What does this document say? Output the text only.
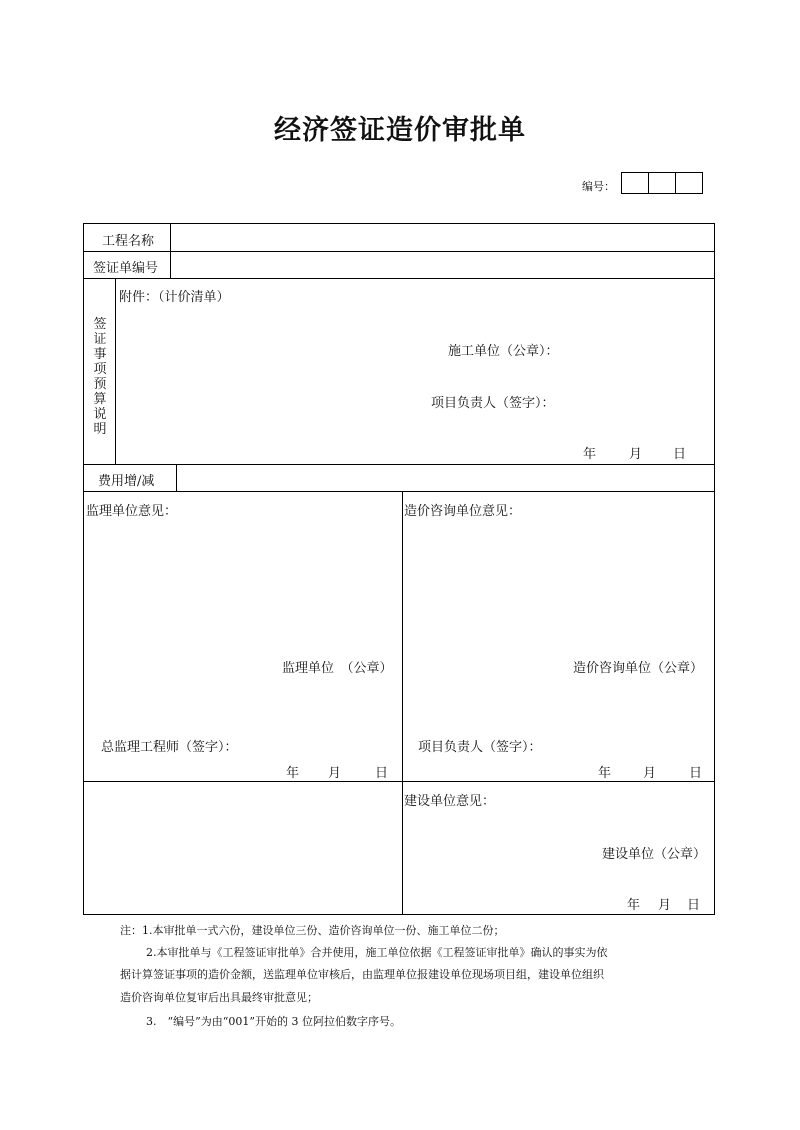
经济签证造价审批单
编号：
工程名称
签证单编号
签证事项预算说明
附件：（计价清单）
施工单位（公章）：
项目负责人（签字）：
年	月	日
费用增/减
监理单位意见：
监理单位　（公章）
总监理工程师（签字）：
年	月	日
造价咨询单位意见：
造价咨询单位（公章）
项目负责人（签字）：
年	月	日
建设单位意见：
建设单位（公章）
年	月	日
注：1.本审批单一式六份，建设单位三份、造价咨询单位一份、施工单位二份；
2.本审批单与《工程签证审批单》合并使用，施工单位依据《工程签证审批单》确认的事实为依
据计算签证事项的造价金额，送监理单位审核后，由监理单位报建设单位现场项目组，建设单位组织
造价咨询单位复审后出具最终审批意见；
3.　“编号”为由“001”开始的 3 位阿拉伯数字序号。
